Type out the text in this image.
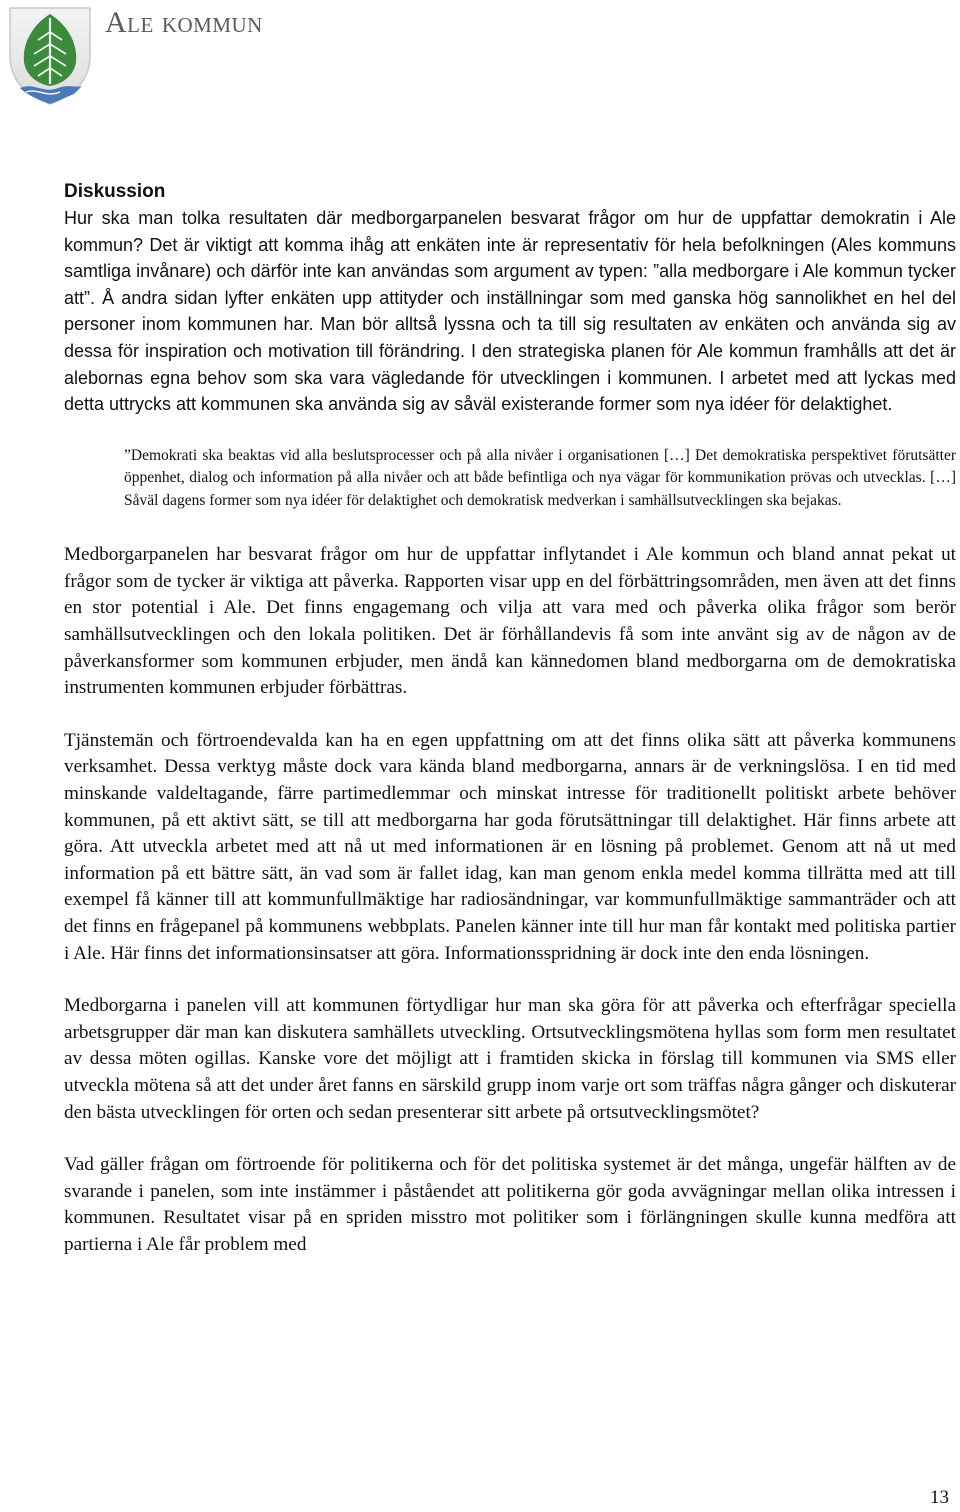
Ale kommun
Diskussion

Hur ska man tolka resultaten där medborgarpanelen besvarat frågor om hur de uppfattar demokratin i Ale kommun? Det är viktigt att komma ihåg att enkäten inte är representativ för hela befolkningen (Ales kommuns samtliga invånare) och därför inte kan användas som argument av typen: ”alla medborgare i Ale kommun tycker att”. Å andra sidan lyfter enkäten upp attityder och inställningar som med ganska hög sannolikhet en hel del personer inom kommunen har. Man bör alltså lyssna och ta till sig resultaten av enkäten och använda sig av dessa för inspiration och motivation till förändring. I den strategiska planen för Ale kommun framhålls att det är alebornas egna behov som ska vara vägledande för utvecklingen i kommunen. I arbetet med att lyckas med detta uttrycks att kommunen ska använda sig av såväl existerande former som nya idéer för delaktighet.

”Demokrati ska beaktas vid alla beslutsprocesser och på alla nivåer i organisationen […] Det demokratiska perspektivet förutsätter öppenhet, dialog och information på alla nivåer och att både befintliga och nya vägar för kommunikation prövas och utvecklas. […] Såväl dagens former som nya idéer för delaktighet och demokratisk medverkan i samhällsutvecklingen ska bejakas.

Medborgarpanelen har besvarat frågor om hur de uppfattar inflytandet i Ale kommun och bland annat pekat ut frågor som de tycker är viktiga att påverka. Rapporten visar upp en del förbättringsområden, men även att det finns en stor potential i Ale. Det finns engagemang och vilja att vara med och påverka olika frågor som berör samhällsutvecklingen och den lokala politiken. Det är förhållandevis få som inte använt sig av de någon av de påverkansformer som kommunen erbjuder, men ändå kan kännedomen bland medborgarna om de demokratiska instrumenten kommunen erbjuder förbättras.

Tjänstemän och förtroendevalda kan ha en egen uppfattning om att det finns olika sätt att påverka kommunens verksamhet. Dessa verktyg måste dock vara kända bland medborgarna, annars är de verkningslösa. I en tid med minskande valdeltagande, färre partimedlemmar och minskat intresse för traditionellt politiskt arbete behöver kommunen, på ett aktivt sätt, se till att medborgarna har goda förutsättningar till delaktighet. Här finns arbete att göra. Att utveckla arbetet med att nå ut med informationen är en lösning på problemet. Genom att nå ut med information på ett bättre sätt, än vad som är fallet idag, kan man genom enkla medel komma tillrätta med att till exempel få känner till att kommunfullmäktige har radiosändningar, var kommunfullmäktige sammanträder och att det finns en frågepanel på kommunens webbplats. Panelen känner inte till hur man får kontakt med politiska partier i Ale. Här finns det informationsinsatser att göra. Informationsspridning är dock inte den enda lösningen.

Medborgarna i panelen vill att kommunen förtydligar hur man ska göra för att påverka och efterfrågar speciella arbetsgrupper där man kan diskutera samhällets utveckling. Ortsutvecklingsmötena hyllas som form men resultatet av dessa möten ogillas. Kanske vore det möjligt att i framtiden skicka in förslag till kommunen via SMS eller utveckla mötena så att det under året fanns en särskild grupp inom varje ort som träffas några gånger och diskuterar den bästa utvecklingen för orten och sedan presenterar sitt arbete på ortsutvecklingsmötet?

Vad gäller frågan om förtroende för politikerna och för det politiska systemet är det många, ungefär hälften av de svarande i panelen, som inte instämmer i påståendet att politikerna gör goda avvägningar mellan olika intressen i kommunen. Resultatet visar på en spriden misstro mot politiker som i förlängningen skulle kunna medföra att partierna i Ale får problem med

13
